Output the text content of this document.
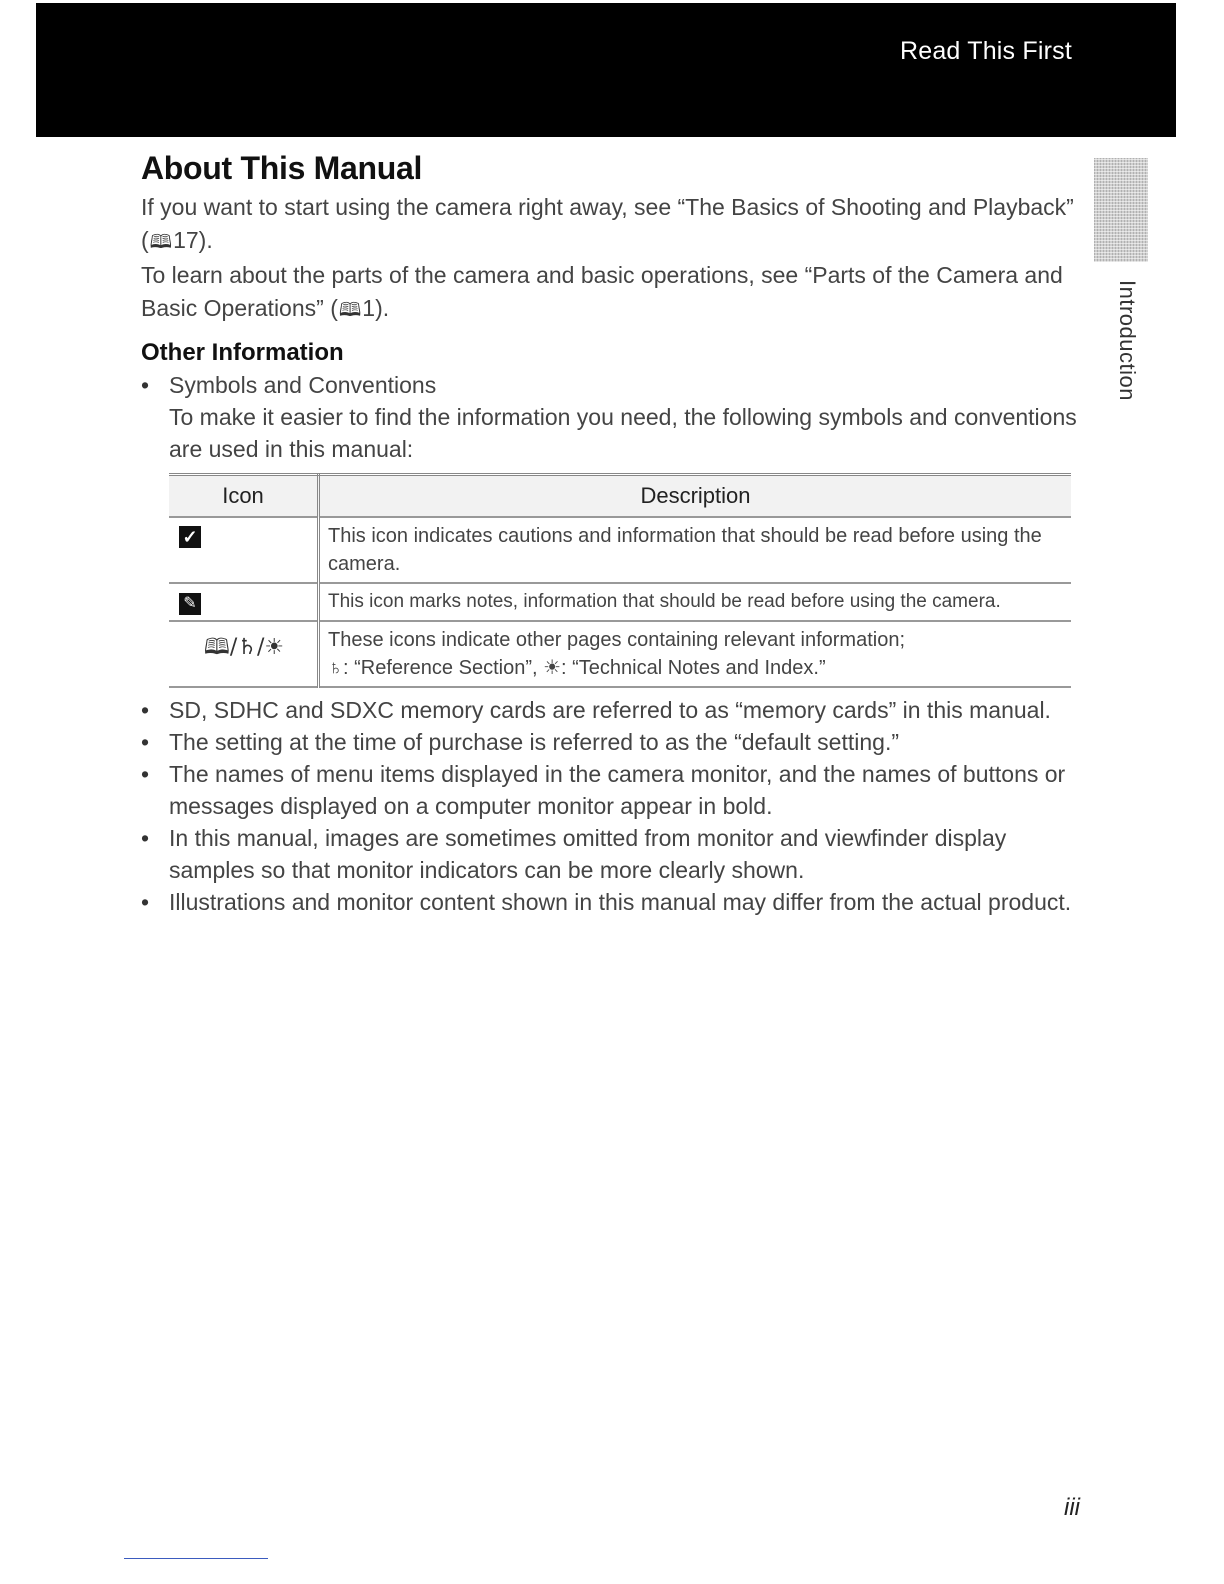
Read This First
Introduction
About This Manual

If you want to start using the camera right away, see “The Basics of Shooting and Playback” (🕮︎17).

To learn about the parts of the camera and basic operations, see “Parts of the Camera and Basic Operations” (🕮︎1).

Other Information
• Symbols and Conventions
To make it easier to find the information you need, the following symbols and conventions are used in this manual:
Icon	Description
✓	This icon indicates cautions and information that should be read before using the camera.
✎	This icon marks notes, information that should be read before using the camera.

🕮︎/♄/☀	These icons indicate other pages containing relevant information;
♄: “Reference Section”, ☀: “Technical Notes and Index.”
• SD, SDHC and SDXC memory cards are referred to as “memory cards” in this manual.
• The setting at the time of purchase is referred to as the “default setting.”
• The names of menu items displayed in the camera monitor, and the names of buttons or messages displayed on a computer monitor appear in bold.
• In this manual, images are sometimes omitted from monitor and viewfinder display samples so that monitor indicators can be more clearly shown.
• Illustrations and monitor content shown in this manual may differ from the actual product.
iii
